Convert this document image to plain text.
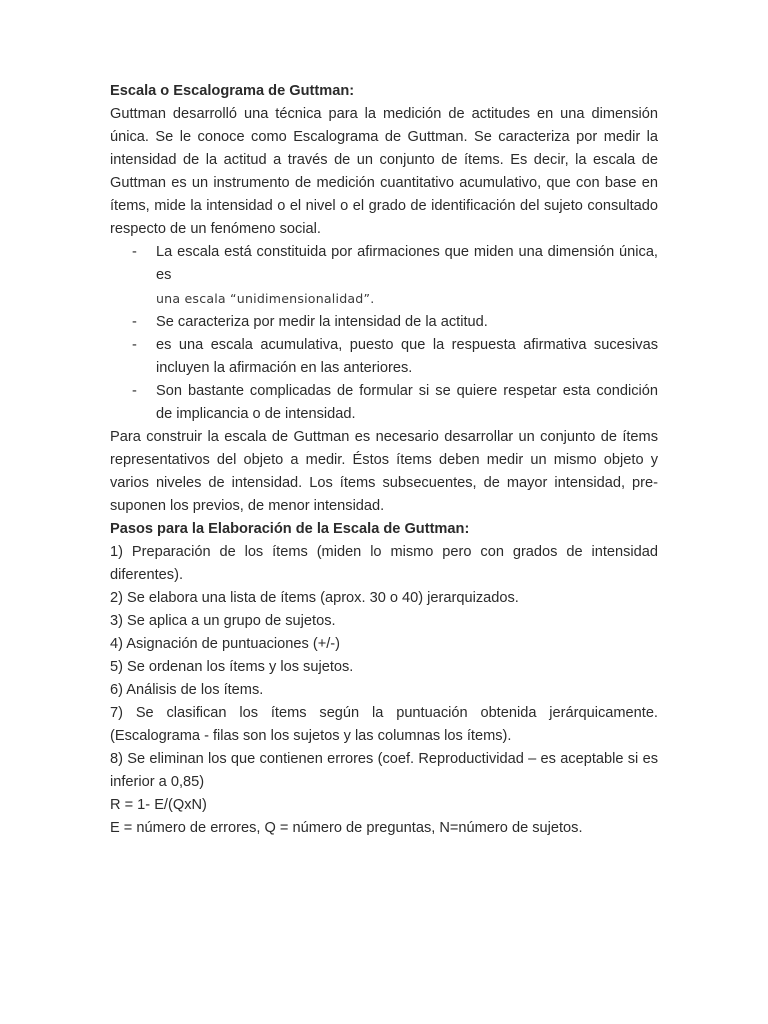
Escala o Escalograma de Guttman:

Guttman desarrolló una técnica para la medición de actitudes en una dimensión única. Se le conoce como Escalograma de Guttman. Se caracteriza por medir la intensidad de la actitud a través de un conjunto de ítems. Es decir, la escala de Guttman es un instrumento de medición cuantitativo acumulativo, que con base en ítems, mide la intensidad o el nivel o el grado de identificación del sujeto consultado respecto de un fenómeno social.

- La escala está constituida por afirmaciones que miden una dimensión única, es
una escala “unidimensionalidad”.
- Se caracteriza por medir la intensidad de la actitud.
- es una escala acumulativa, puesto que la respuesta afirmativa sucesivas incluyen la afirmación en las anteriores.
- Son bastante complicadas de formular si se quiere respetar esta condición de implicancia o de intensidad.

Para construir la escala de Guttman es necesario desarrollar un conjunto de ítems representativos del objeto a medir. Éstos ítems deben medir un mismo objeto y varios niveles de intensidad. Los ítems subsecuentes, de mayor intensidad, pre-suponen los previos, de menor intensidad.

Pasos para la Elaboración de la Escala de Guttman:

1) Preparación de los ítems (miden lo mismo pero con grados de intensidad diferentes).
2) Se elabora una lista de ítems (aprox. 30 o 40) jerarquizados.
3) Se aplica a un grupo de sujetos.
4) Asignación de puntuaciones (+/-)
5) Se ordenan los ítems y los sujetos.
6) Análisis de los ítems.
7) Se clasifican los ítems según la puntuación obtenida jerárquicamente. (Escalograma - filas son los sujetos y las columnas los ítems).
8) Se eliminan los que contienen errores (coef. Reproductividad – es aceptable si es inferior a 0,85)

R = 1- E/(QxN)

E = número de errores, Q = número de preguntas, N=número de sujetos.
